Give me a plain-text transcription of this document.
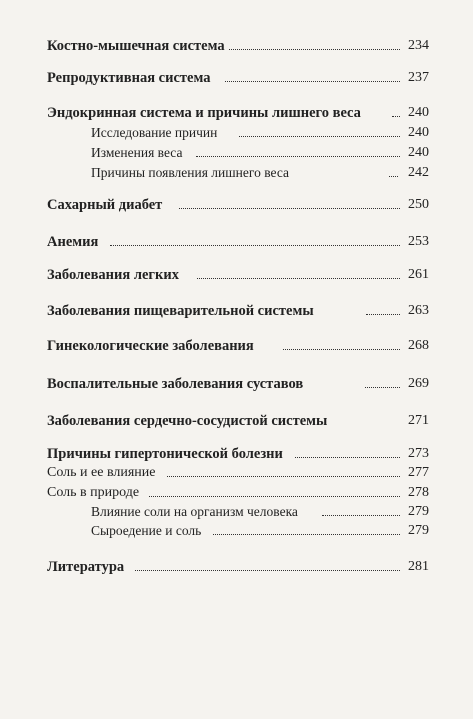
Костно-мышечная система	234
Репродуктивная система	237
Эндокринная система и причины лишнего веса	240
Исследование причин	240
Изменения веса	240
Причины появления лишнего веса	242
Сахарный диабет	250
Анемия	253
Заболевания легких	261
Заболевания пищеварительной системы	263
Гинекологические заболевания	268
Воспалительные заболевания суставов	269
Заболевания сердечно-сосудистой системы	271
Причины гипертонической болезни	273
Соль и ее влияние	277
Соль в природе	278
Влияние соли на организм человека	279
Сыроедение и соль	279
Литература	281
